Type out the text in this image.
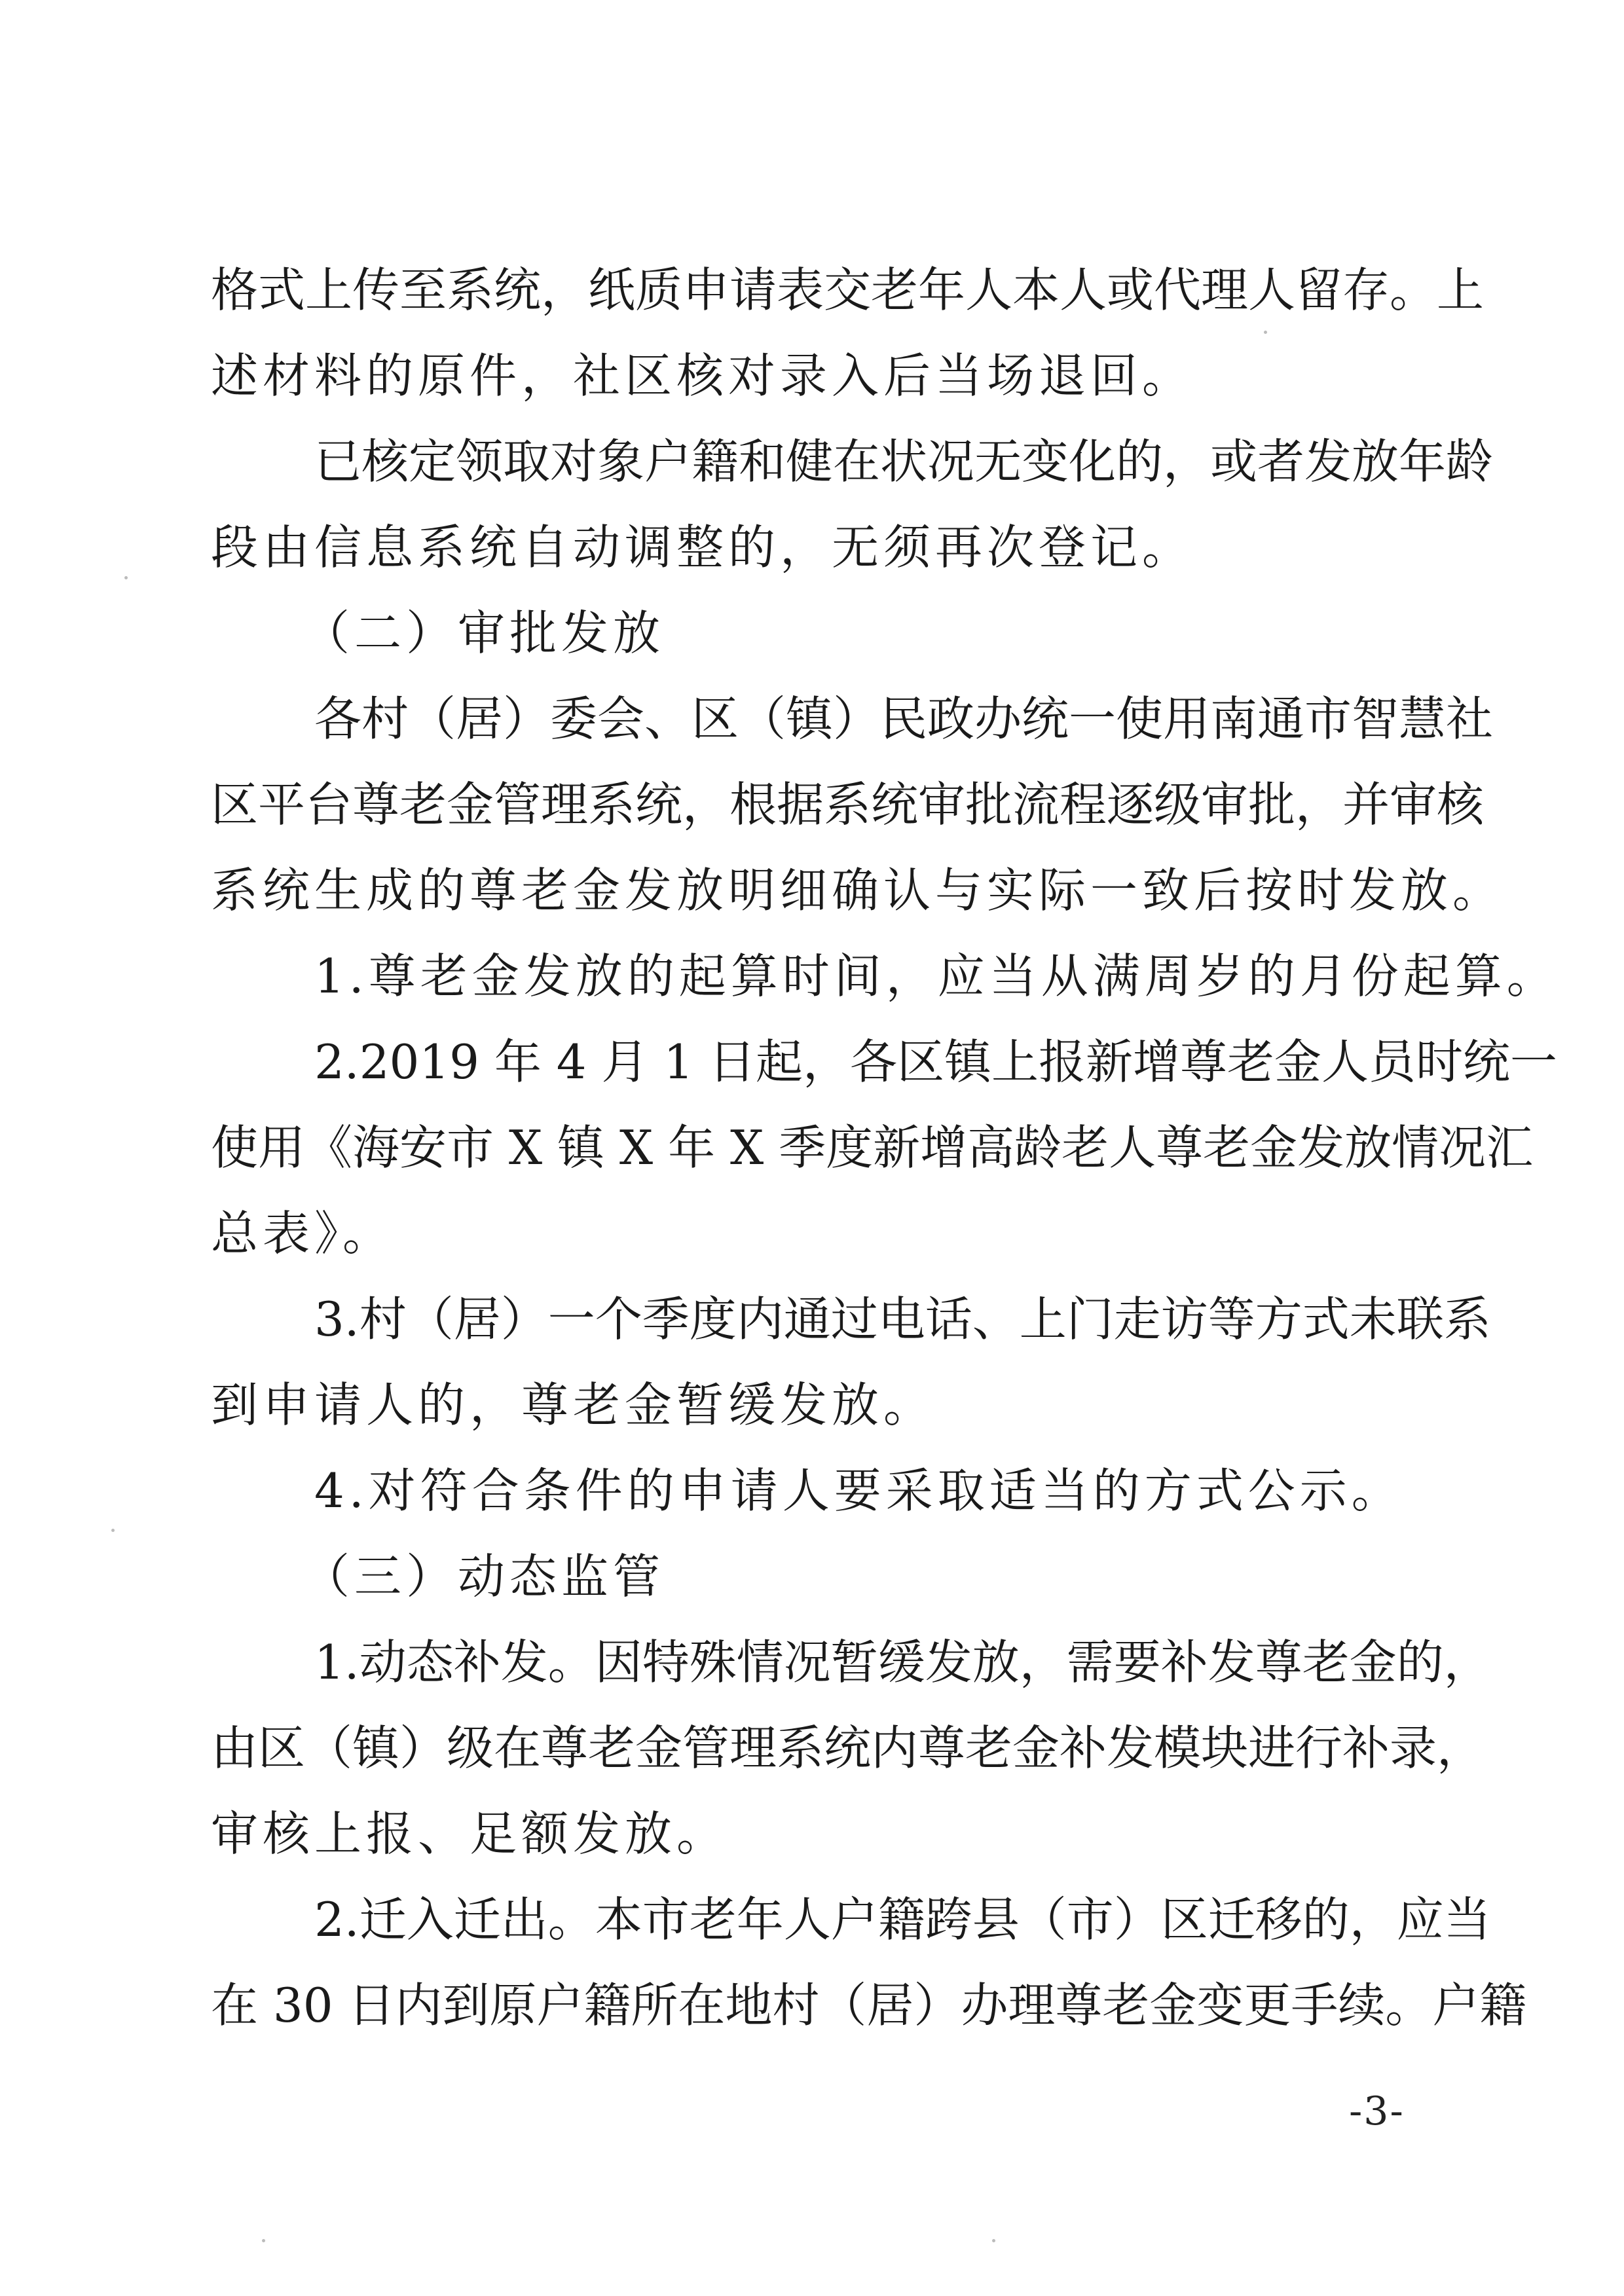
格式上传至系统，纸质申请表交老年人本人或代理人留存。上
述材料的原件，社区核对录入后当场退回。
已核定领取对象户籍和健在状况无变化的，或者发放年龄
段由信息系统自动调整的，无须再次登记。
（二）审批发放
各村（居）委会、区（镇）民政办统一使用南通市智慧社
区平台尊老金管理系统，根据系统审批流程逐级审批，并审核
系统生成的尊老金发放明细确认与实际一致后按时发放。
1.尊老金发放的起算时间，应当从满周岁的月份起算。
2.2019 年 4 月 1 日起，各区镇上报新增尊老金人员时统一
使用《海安市 X 镇 X 年 X 季度新增高龄老人尊老金发放情况汇
总表》。
3.村（居）一个季度内通过电话、上门走访等方式未联系
到申请人的，尊老金暂缓发放。
4.对符合条件的申请人要采取适当的方式公示。
（三）动态监管
1.动态补发。因特殊情况暂缓发放，需要补发尊老金的，
由区（镇）级在尊老金管理系统内尊老金补发模块进行补录，
审核上报、足额发放。
2.迁入迁出。本市老年人户籍跨县（市）区迁移的，应当
在 30 日内到原户籍所在地村（居）办理尊老金变更手续。户籍
-3-
